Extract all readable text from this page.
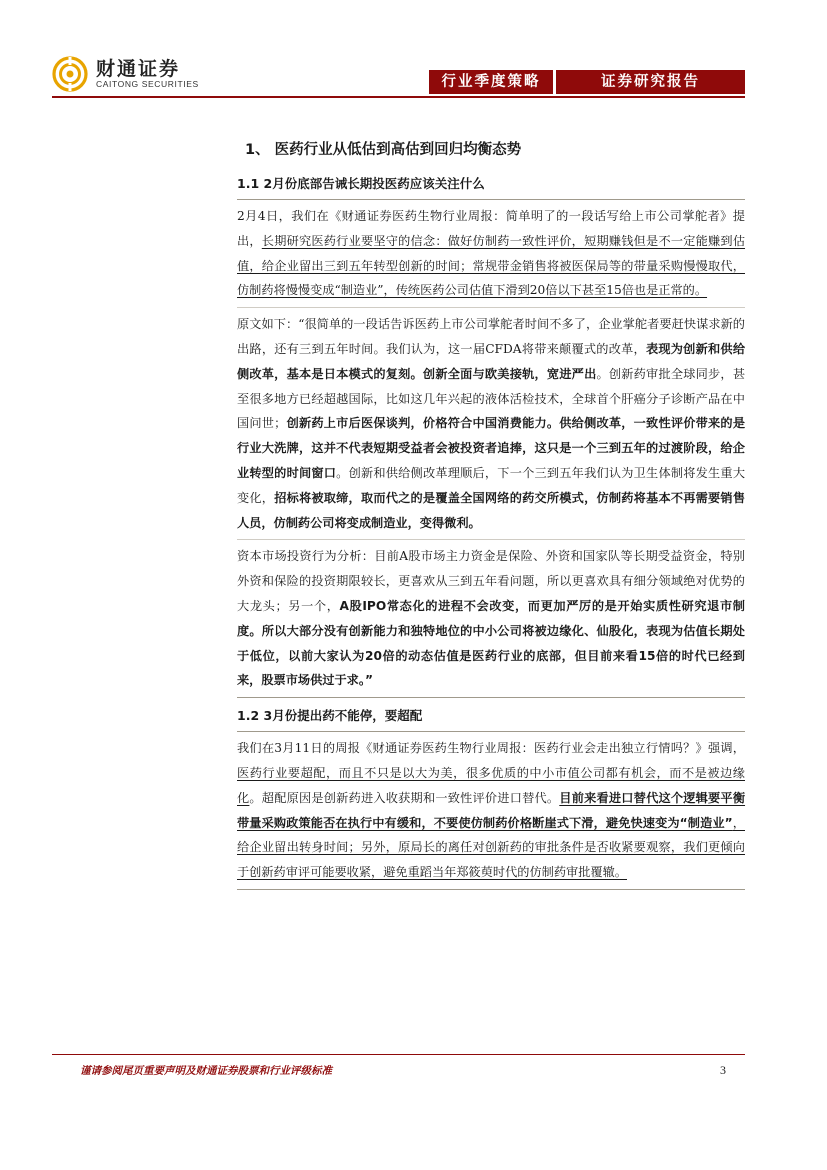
财通证券
CAITONG SECURITIES	行业季度策略	证券研究报告
1、 医药行业从低估到高估到回归均衡态势
1.1 2月份底部告诫长期投医药应该关注什么

2月4日，我们在《财通证券医药生物行业周报：简单明了的一段话写给上市公司掌舵者》提出，长期研究医药行业要坚守的信念：做好仿制药一致性评价，短期赚钱但是不一定能赚到估值，给企业留出三到五年转型创新的时间；常规带金销售将被医保局等的带量采购慢慢取代，仿制药将慢慢变成“制造业”，传统医药公司估值下滑到20倍以下甚至15倍也是正常的。

原文如下：“很简单的一段话告诉医药上市公司掌舵者时间不多了，企业掌舵者要赶快谋求新的出路，还有三到五年时间。我们认为，这一届CFDA将带来颠覆式的改革，表现为创新和供给侧改革，基本是日本模式的复刻。创新全面与欧美接轨，宽进严出。创新药审批全球同步，甚至很多地方已经超越国际，比如这几年兴起的液体活检技术，全球首个肝癌分子诊断产品在中国问世；创新药上市后医保谈判，价格符合中国消费能力。供给侧改革，一致性评价带来的是行业大洗牌，这并不代表短期受益者会被投资者追捧，这只是一个三到五年的过渡阶段，给企业转型的时间窗口。创新和供给侧改革理顺后，下一个三到五年我们认为卫生体制将发生重大变化，招标将被取缔，取而代之的是覆盖全国网络的药交所模式，仿制药将基本不再需要销售人员，仿制药公司将变成制造业，变得微利。

资本市场投资行为分析：目前A股市场主力资金是保险、外资和国家队等长期受益资金，特别外资和保险的投资期限较长，更喜欢从三到五年看问题，所以更喜欢具有细分领域绝对优势的大龙头；另一个，A股IPO常态化的进程不会改变，而更加严厉的是开始实质性研究退市制度。所以大部分没有创新能力和独特地位的中小公司将被边缘化、仙股化，表现为估值长期处于低位，以前大家认为20倍的动态估值是医药行业的底部，但目前来看15倍的时代已经到来，股票市场供过于求。”

1.2 3月份提出药不能停，要超配

我们在3月11日的周报《财通证券医药生物行业周报：医药行业会走出独立行情吗？》强调，医药行业要超配，而且不只是以大为美，很多优质的中小市值公司都有机会，而不是被边缘化。超配原因是创新药进入收获期和一致性评价进口替代。目前来看进口替代这个逻辑要平衡带量采购政策能否在执行中有缓和，不要使仿制药价格断崖式下滑，避免快速变为“制造业”，给企业留出转身时间；另外，原局长的离任对创新药的审批条件是否收紧要观察，我们更倾向于创新药审评可能要收紧，避免重蹈当年郑筱萸时代的仿制药审批覆辙。

谨请参阅尾页重要声明及财通证券股票和行业评级标准	3
